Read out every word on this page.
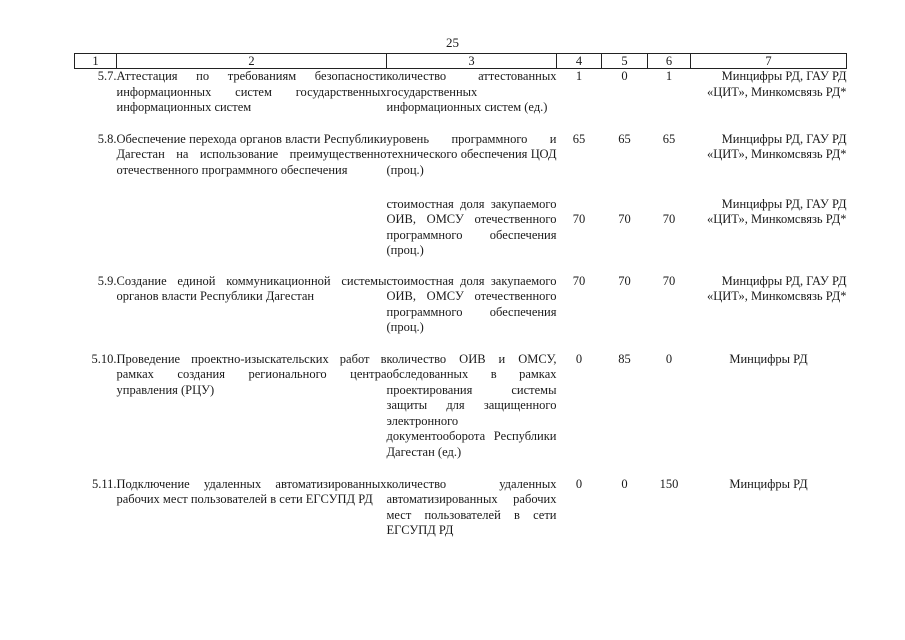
25
1	2	3	4	5	6	7
5.7.	Аттестация по требованиям безопасности информационных систем государственных информационных систем	количество аттестованных государственных информационных систем (ед.)	1	0	1	Минцифры РД, ГАУ РД «ЦИТ», Минкомсвязь РД*
5.8.	Обеспечение перехода органов власти Республики Дагестан на использование преимущественно отечественного программного обеспечения	уровень программного и технического обеспечения ЦОД (проц.)	65	65	65	Минцифры РД, ГАУ РД «ЦИТ», Минкомсвязь РД*
		стоимостная доля закупаемого ОИВ, ОМСУ отечественного программного обеспечения (проц.)	70	70	70	Минцифры РД, ГАУ РД «ЦИТ», Минкомсвязь РД*
5.9.	Создание единой коммуникационной системы органов власти Республики Дагестан	стоимостная доля закупаемого ОИВ, ОМСУ отечественного программного обеспечения (проц.)	70	70	70	Минцифры РД, ГАУ РД «ЦИТ», Минкомсвязь РД*
5.10.	Проведение проектно-изыскательских работ в рамках создания регионального центра управления (РЦУ)	количество ОИВ и ОМСУ, обследованных в рамках проектирования системы защиты для защищенного электронного документооборота Республики Дагестан (ед.)	0	85	0	Минцифры РД
5.11.	Подключение удаленных автоматизированных рабочих мест пользователей в сети ЕГСУПД РД	количество удаленных автоматизированных рабочих мест пользователей в сети ЕГСУПД РД	0	0	150	Минцифры РД
